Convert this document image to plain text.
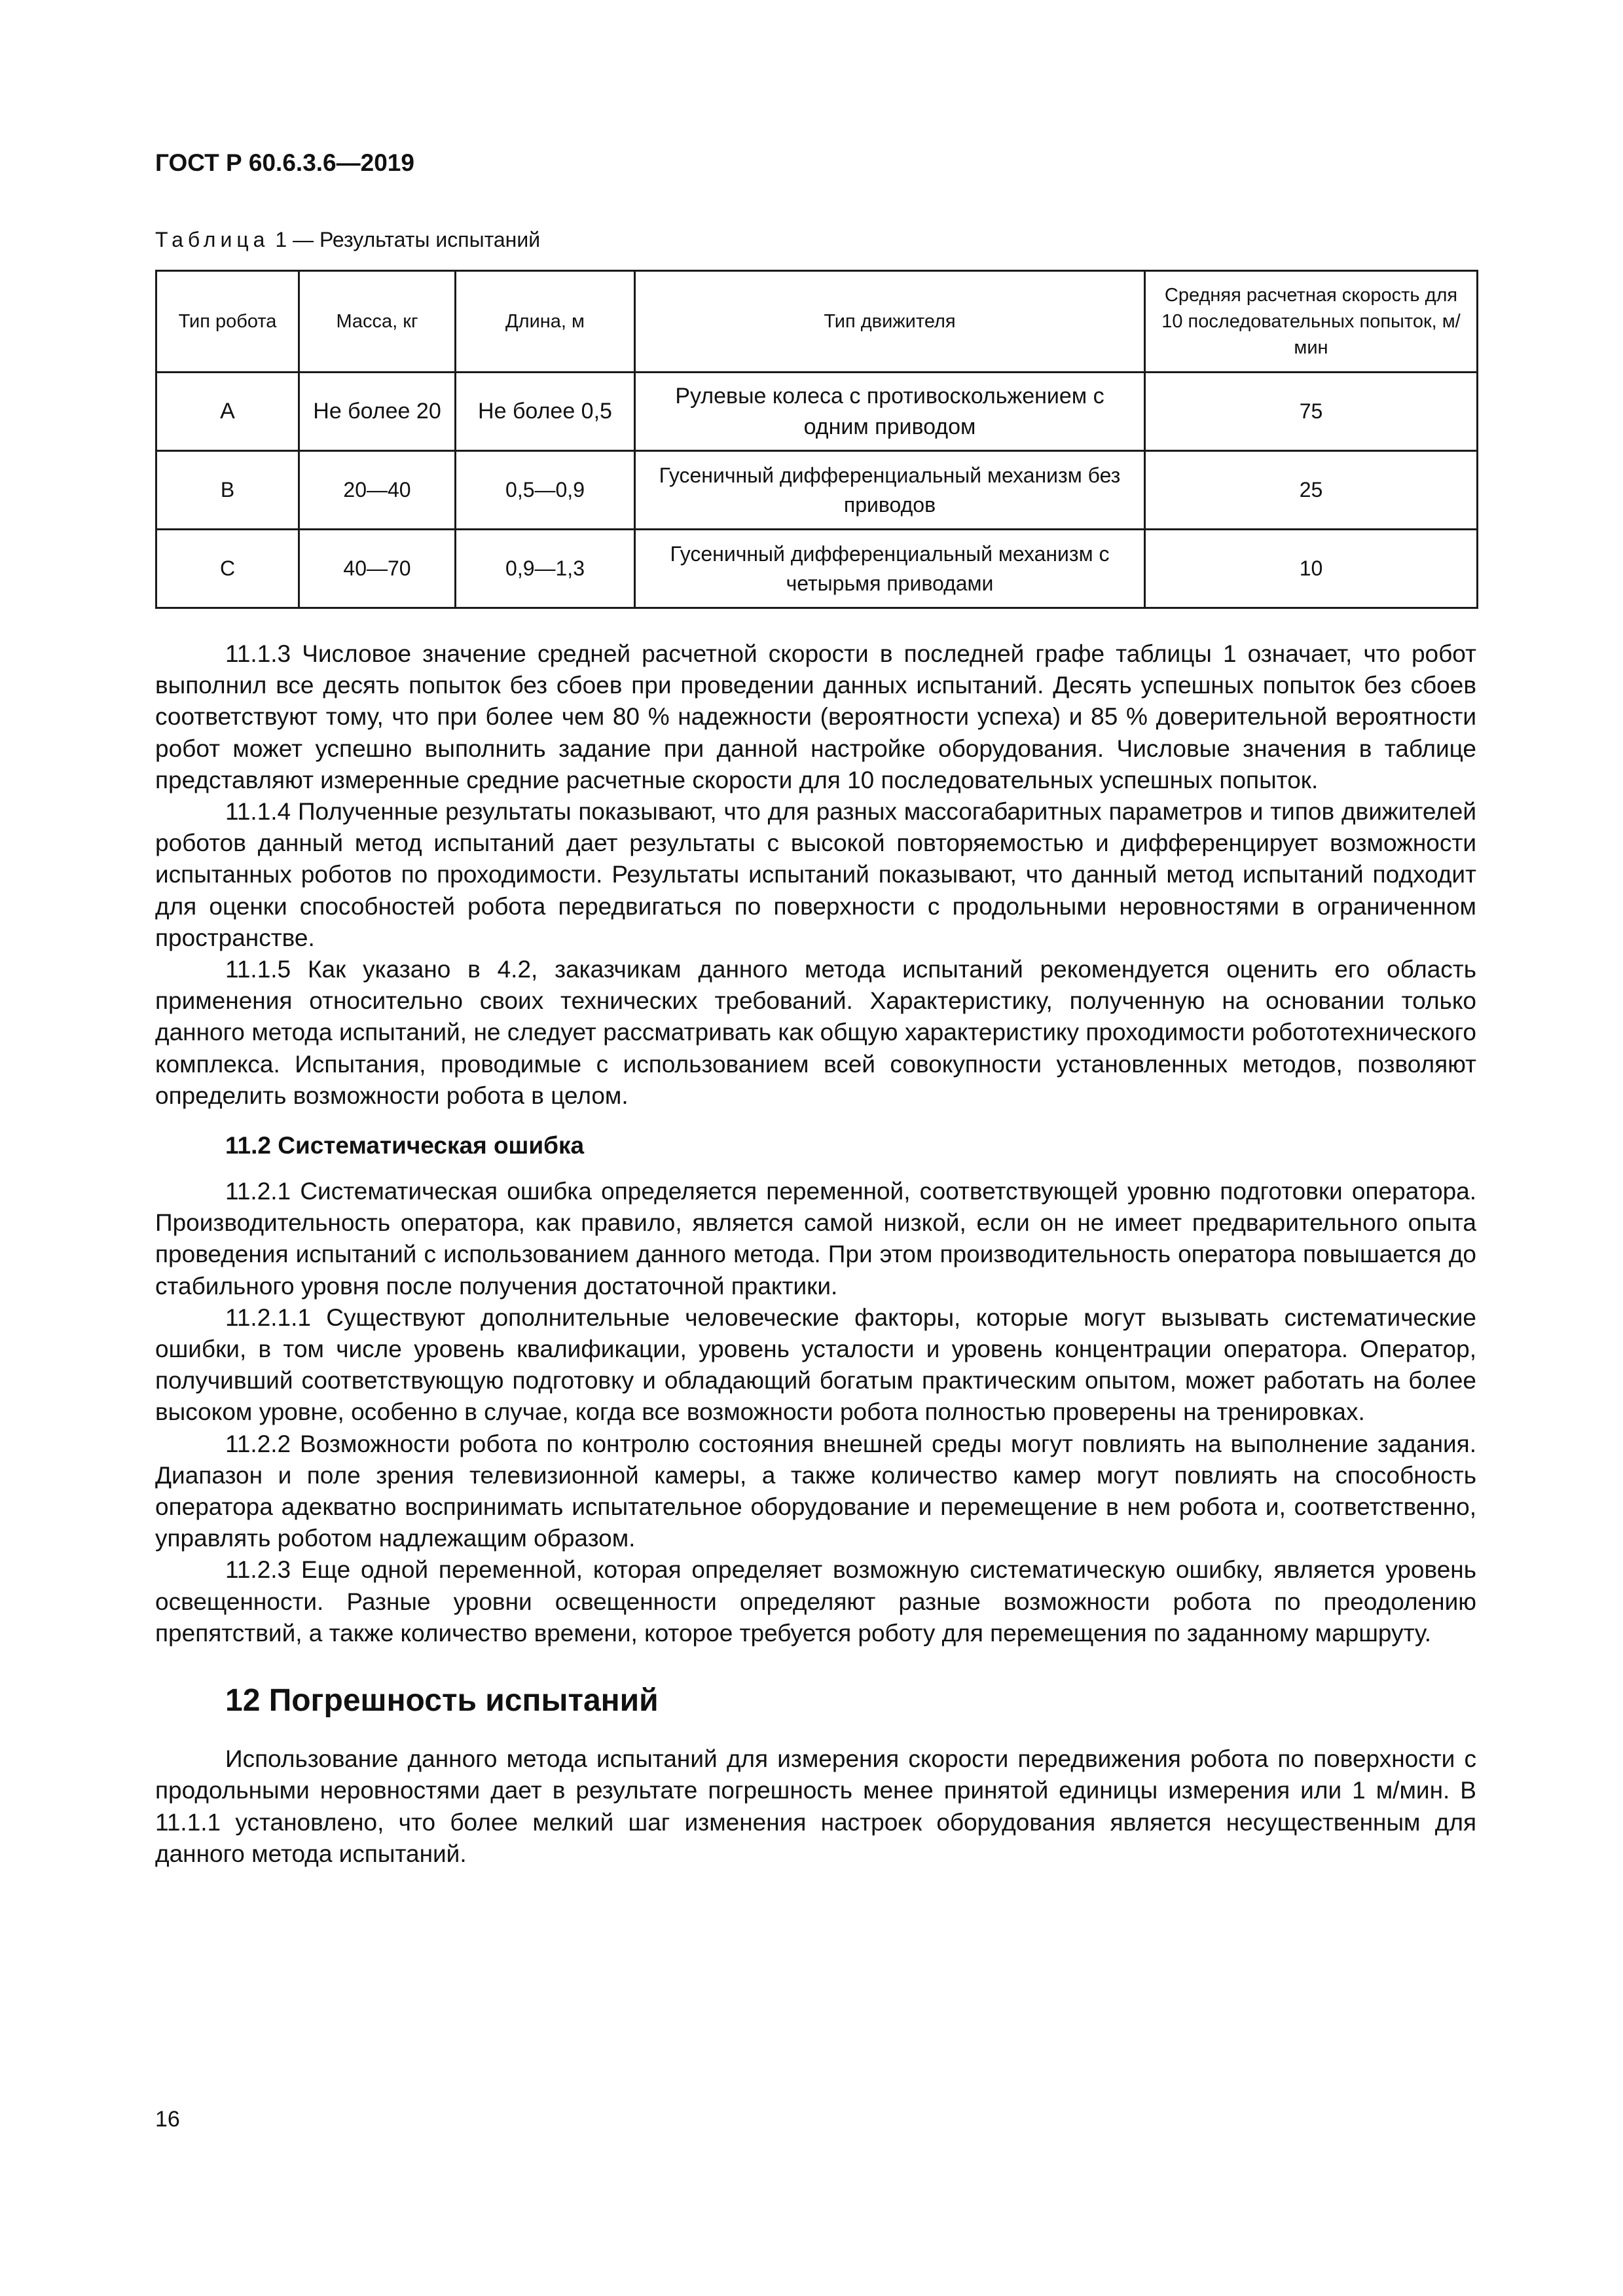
ГОСТ Р 60.6.3.6—2019
Таблица 1 — Результаты испытаний
Тип робота	Масса, кг	Длина, м	Тип движителя	Средняя расчетная скорость для 10 последовательных попыток, м/мин
A	Не более 20	Не более 0,5	Рулевые колеса с противоскольжением с одним приводом	75
B	20—40	0,5—0,9	Гусеничный дифференциальный механизм без приводов	25
C	40—70	0,9—1,3	Гусеничный дифференциальный механизм с четырьмя приводами	10

11.1.3 Числовое значение средней расчетной скорости в последней графе таблицы 1 означает, что робот выполнил все десять попыток без сбоев при проведении данных испытаний. Десять успешных попыток без сбоев соответствуют тому, что при более чем 80 % надежности (вероятности успеха) и 85 % доверительной вероятности робот может успешно выполнить задание при данной настройке оборудования. Числовые значения в таблице представляют измеренные средние расчетные скорости для 10 последовательных успешных попыток.

11.1.4 Полученные результаты показывают, что для разных массогабаритных параметров и типов движителей роботов данный метод испытаний дает результаты с высокой повторяемостью и дифференцирует возможности испытанных роботов по проходимости. Результаты испытаний показывают, что данный метод испытаний подходит для оценки способностей робота передвигаться по поверхности с продольными неровностями в ограниченном пространстве.

11.1.5 Как указано в 4.2, заказчикам данного метода испытаний рекомендуется оценить его область применения относительно своих технических требований. Характеристику, полученную на основании только данного метода испытаний, не следует рассматривать как общую характеристику проходимости робототехнического комплекса. Испытания, проводимые с использованием всей совокупности установленных методов, позволяют определить возможности робота в целом.

11.2 Систематическая ошибка

11.2.1 Систематическая ошибка определяется переменной, соответствующей уровню подготовки оператора. Производительность оператора, как правило, является самой низкой, если он не имеет предварительного опыта проведения испытаний с использованием данного метода. При этом производительность оператора повышается до стабильного уровня после получения достаточной практики.

11.2.1.1 Существуют дополнительные человеческие факторы, которые могут вызывать систематические ошибки, в том числе уровень квалификации, уровень усталости и уровень концентрации оператора. Оператор, получивший соответствующую подготовку и обладающий богатым практическим опытом, может работать на более высоком уровне, особенно в случае, когда все возможности робота полностью проверены на тренировках.

11.2.2 Возможности робота по контролю состояния внешней среды могут повлиять на выполнение задания. Диапазон и поле зрения телевизионной камеры, а также количество камер могут повлиять на способность оператора адекватно воспринимать испытательное оборудование и перемещение в нем робота и, соответственно, управлять роботом надлежащим образом.

11.2.3 Еще одной переменной, которая определяет возможную систематическую ошибку, является уровень освещенности. Разные уровни освещенности определяют разные возможности робота по преодолению препятствий, а также количество времени, которое требуется роботу для перемещения по заданному маршруту.

12 Погрешность испытаний

Использование данного метода испытаний для измерения скорости передвижения робота по поверхности с продольными неровностями дает в результате погрешность менее принятой единицы измерения или 1 м/мин. В 11.1.1 установлено, что более мелкий шаг изменения настроек оборудования является несущественным для данного метода испытаний.

16
